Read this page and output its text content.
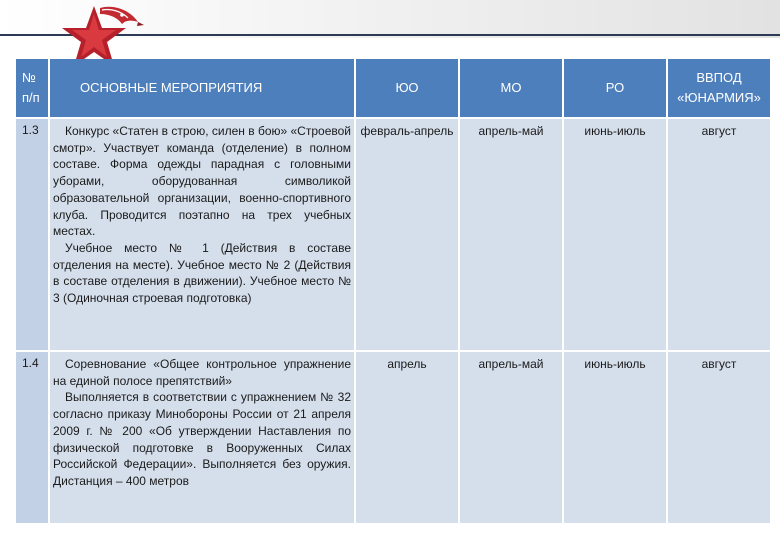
№
п/п	ОСНОВНЫЕ МЕРОПРИЯТИЯ	ЮО	МО	РО	ВВПОД
«ЮНАРМИЯ»
1.3	Конкурс «Статен в строю, силен в бою» «Строевой смотр». Участвует команда (отделение) в полном составе. Форма одежды парадная с головными уборами, оборудованная символикой образовательной организации, военно-спортивного клуба. Проводится поэтапно на трех учебных местах.
Учебное место № 1 (Действия в составе отделения на месте). Учебное место № 2 (Действия в составе отделения в движении). Учебное место № 3 (Одиночная строевая подготовка)	февраль-апрель	апрель-май	июнь-июль	август
1.4	Соревнование «Общее контрольное упражнение на единой полосе препятствий»
Выполняется в соответствии с упражнением № 32 согласно приказу Минобороны России от 21 апреля 2009 г. № 200 «Об утверждении Наставления по физической подготовке в Вооруженных Силах Российской Федерации». Выполняется без оружия. Дистанция – 400 метров	апрель	апрель-май	июнь-июль	август
